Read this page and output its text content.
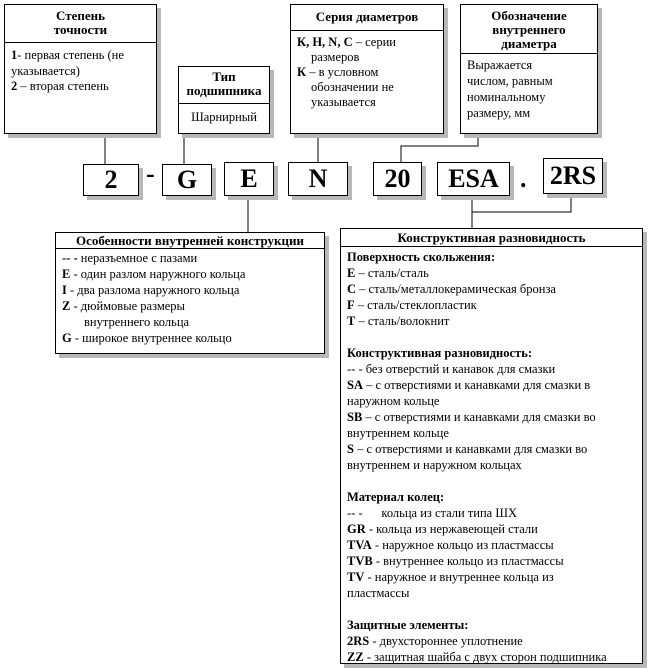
Степень
точности
1- первая степень (не
указывается)
2 – вторая степень
Тип
подшипника
Шарнирный
Серия диаметров
К, H, N, C – серии
размеров
К – в условном
обозначении не
указывается
Обозначение
внутреннего
диаметра
Выражается
числом, равным
номинальному
размеру, мм
2	- G	E	N	20	ESA . 2RS
Особенности внутренней конструкции
-- - неразъемное с пазами
E - один разлом наружного кольца
I - два разлома наружного кольца
Z - дюймовые размеры
внутреннего кольца
G - широкое внутреннее кольцо
Конструктивная разновидность
Поверхность скольжения:
E – сталь/сталь
C – сталь/металлокерамическая бронза
F – сталь/стеклопластик
T – сталь/волокнит
Конструктивная разновидность:
-- - без отверстий и канавок для смазки
SA – с отверстиями и канавками для смазки в
наружном кольце
SB – с отверстиями и канавками для смазки во
внутреннем кольце
S – с отверстиями и канавками для смазки во
внутреннем и наружном кольцах
Материал колец:
-- -      кольца из стали типа ШХ
GR - кольца из нержавеющей стали
TVA - наружное кольцо из пластмассы
TVB - внутреннее кольцо из пластмассы
TV - наружное и внутреннее кольца из
пластмассы
Защитные элементы:
2RS - двухстороннее уплотнение
ZZ - защитная шайба с двух сторон подшипника
